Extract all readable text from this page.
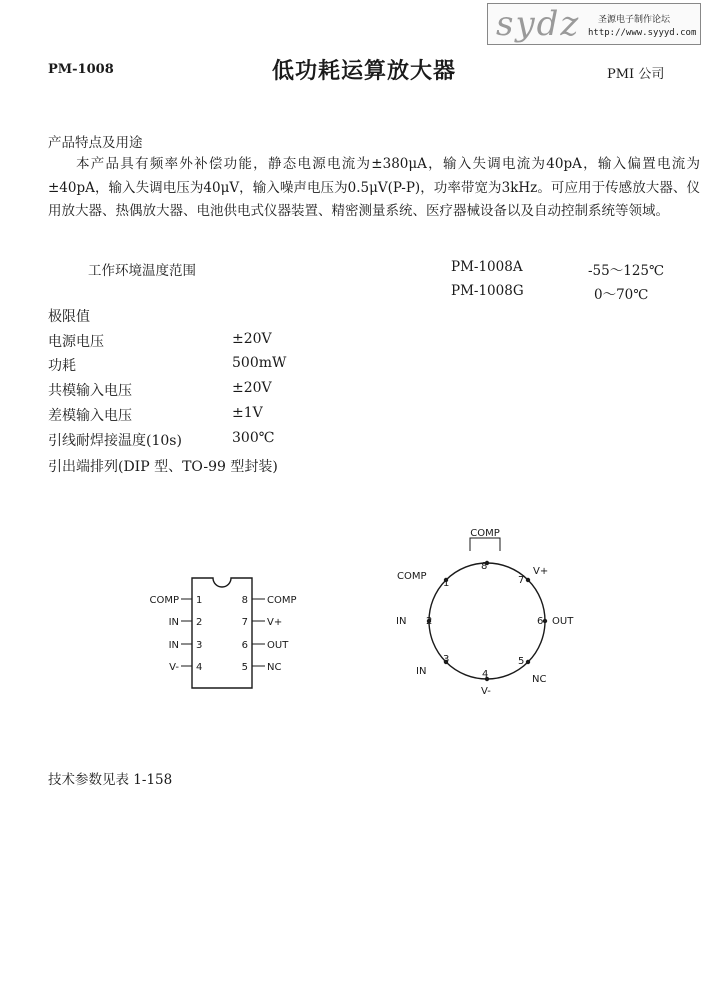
sydz 圣源电子制作论坛
http://www.syyyd.com
PM-1008	低功耗运算放大器	PMI 公司
产品特点及用途
本产品具有频率外补偿功能，静态电源电流为±380μA，输入失调电流为40pA，输入偏置电流为±40pA，输入失调电压为40μV，输入噪声电压为0.5μV(P-P)，功率带宽为3kHz。可应用于传感放大器、仪用放大器、热偶放大器、电池供电式仪器装置、精密测量系统、医疗器械设备以及自动控制系统等领域。
工作环境温度范围	PM-1008A	-55～125℃
PM-1008G	0～70℃
极限值
电源电压	±20V
功耗	500mW
共模输入电压	±20V
差模输入电压	±1V
引线耐焊接温度(10s)	300℃
引出端排列(DIP 型、TO-99 型封装)
COMP
IN
IN
V-
1
2
3
4
8
7
6
5
COMP
V+
OUT
NC
COMP
8
7
6
5
4
3
2
1
COMP
IN
IN
V-
NC
OUT
V+
技术参数见表 1-158
